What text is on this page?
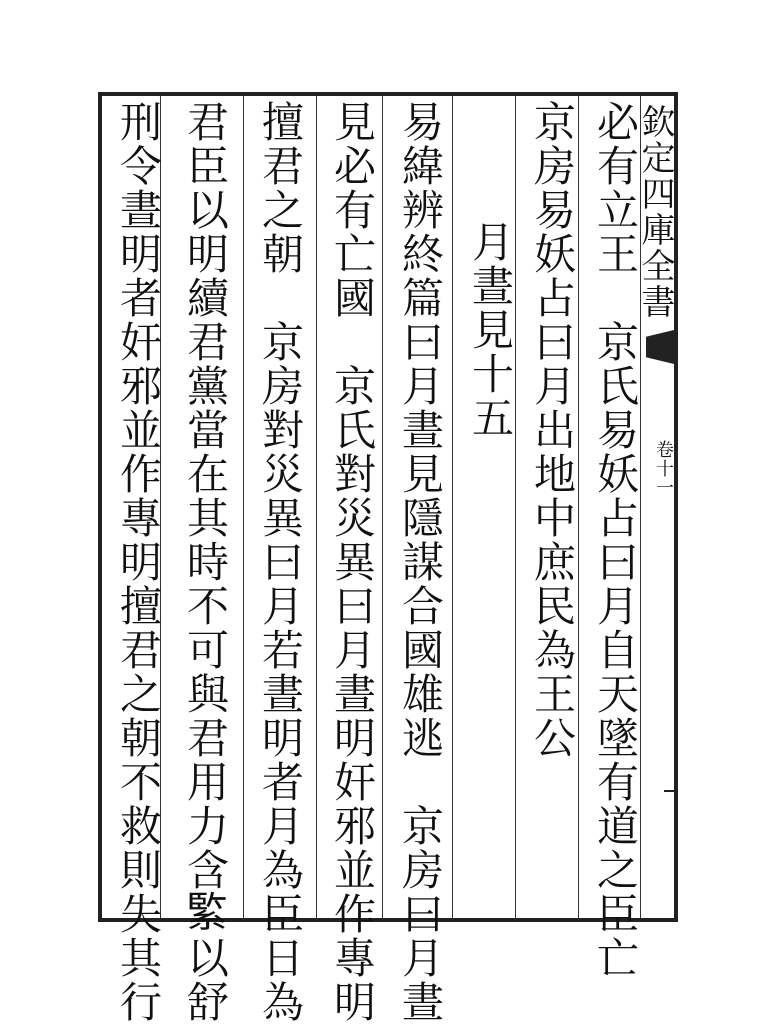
欽定四庫全書
卷十一
必有立王　京氏易妖占曰月自天墜有道之臣亡
京房易妖占曰月出地中庶民為王公
月晝見十五
易緯辨終篇曰月晝見隱謀合國雄逃　京房曰月晝
見必有亡國　京氏對災異曰月晝明奸邪並作專明
擅君之朝　京房對災異曰月若晝明者月為臣日為
君臣以明續君黨當在其時不可與君用力含𦂳以舒
刑令晝明者奸邪並作專明擅君之朝不救則失其行
